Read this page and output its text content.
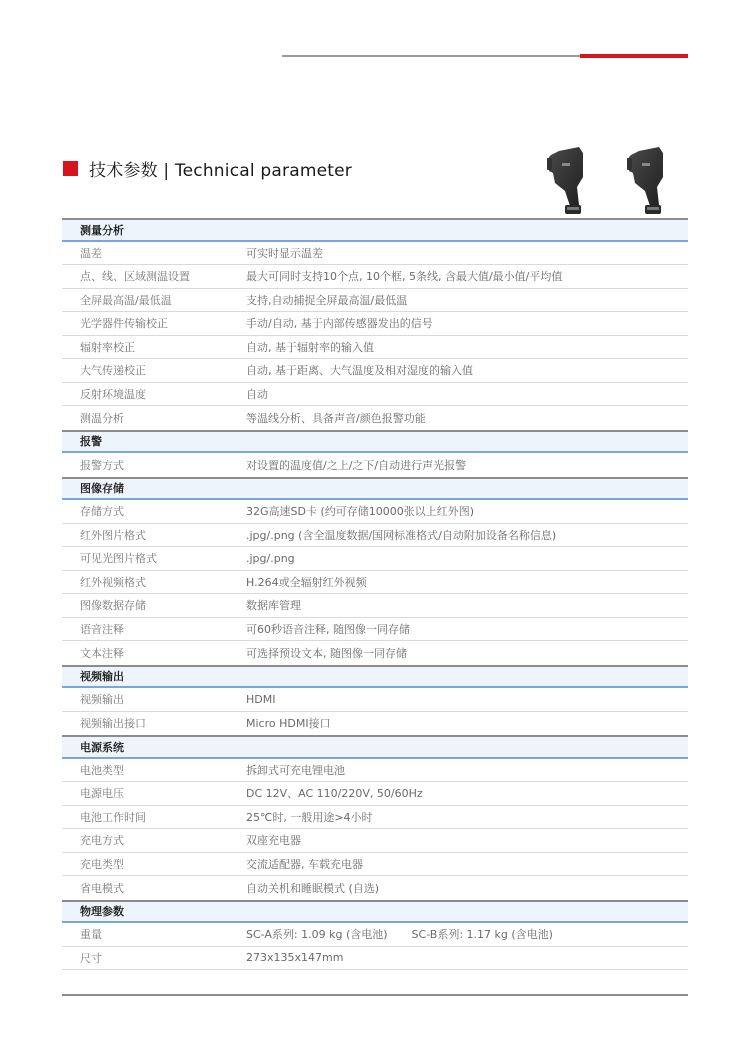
技术参数 | Technical parameter
测量分析
温差	可实时显示温差
点、线、区域测温设置	最大可同时支持10个点, 10个框, 5条线, 含最大值/最小值/平均值
全屏最高温/最低温	支持,自动捕捉全屏最高温/最低温
光学器件传输校正	手动/自动, 基于内部传感器发出的信号
辐射率校正	自动, 基于辐射率的输入值
大气传递校正	自动, 基于距离、大气温度及相对湿度的输入值
反射环境温度	自动
测温分析	等温线分析、具备声音/颜色报警功能
报警
报警方式	对设置的温度值/之上/之下/自动进行声光报警
图像存储
存储方式	32G高速SD卡 (约可存储10000张以上红外图)
红外图片格式	.jpg/.png (含全温度数据/国网标准格式/自动附加设备名称信息)
可见光图片格式	.jpg/.png
红外视频格式	H.264或全辐射红外视频
图像数据存储	数据库管理
语音注释	可60秒语音注释, 随图像一同存储
文本注释	可选择预设文本, 随图像一同存储
视频输出
视频输出	HDMI
视频输出接口	Micro HDMI接口
电源系统
电池类型	拆卸式可充电锂电池
电源电压	DC 12V、AC 110/220V, 50/60Hz
电池工作时间	25℃时, 一般用途>4小时
充电方式	双座充电器
充电类型	交流适配器, 车载充电器
省电模式	自动关机和睡眠模式 (自选)
物理参数
重量	SC-A系列: 1.09 kg (含电池) SC-B系列: 1.17 kg (含电池)
尺寸	273x135x147mm
